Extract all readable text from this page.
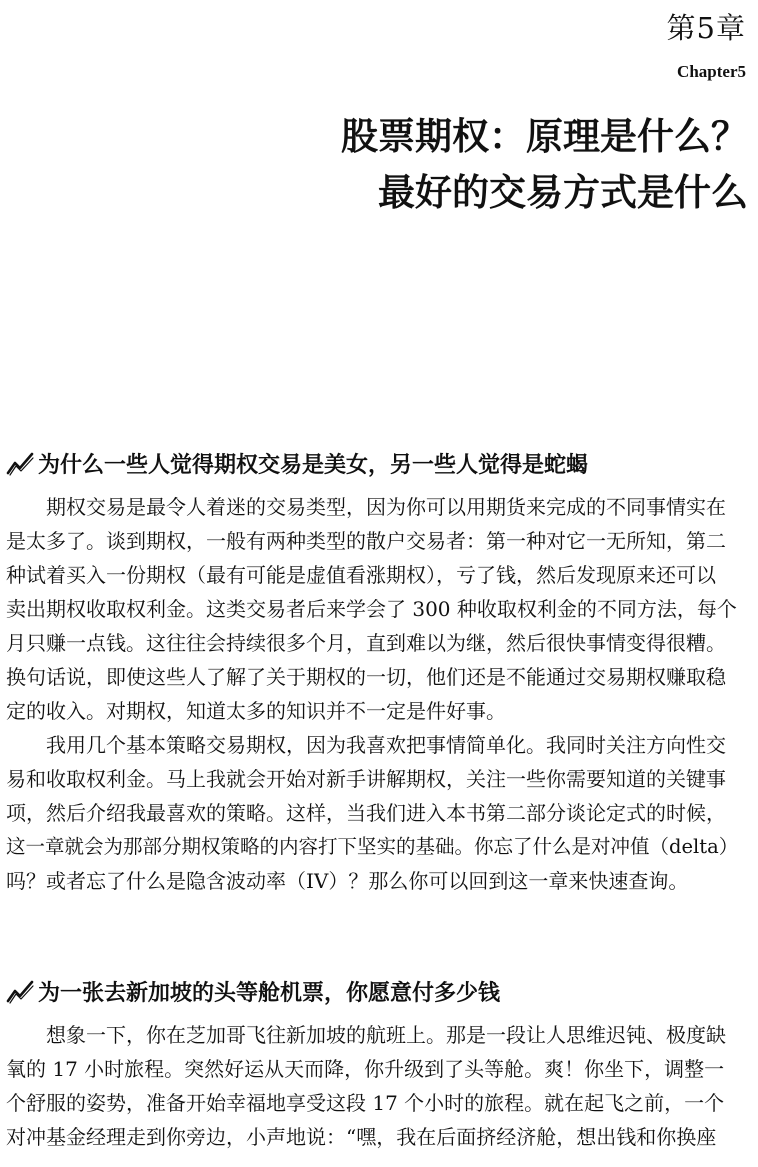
第5章
Chapter5
股票期权：原理是什么？
最好的交易方式是什么
为什么一些人觉得期权交易是美女，另一些人觉得是蛇蝎
期权交易是最令人着迷的交易类型，因为你可以用期货来完成的不同事情实在
是太多了。谈到期权，一般有两种类型的散户交易者：第一种对它一无所知，第二
种试着买入一份期权（最有可能是虚值看涨期权），亏了钱，然后发现原来还可以
卖出期权收取权利金。这类交易者后来学会了 300 种收取权利金的不同方法，每个
月只赚一点钱。这往往会持续很多个月，直到难以为继，然后很快事情变得很糟。
换句话说，即使这些人了解了关于期权的一切，他们还是不能通过交易期权赚取稳
定的收入。对期权，知道太多的知识并不一定是件好事。
我用几个基本策略交易期权，因为我喜欢把事情简单化。我同时关注方向性交
易和收取权利金。马上我就会开始对新手讲解期权，关注一些你需要知道的关键事
项，然后介绍我最喜欢的策略。这样，当我们进入本书第二部分谈论定式的时候，
这一章就会为那部分期权策略的内容打下坚实的基础。你忘了什么是对冲值（delta）
吗？或者忘了什么是隐含波动率（IV）？那么你可以回到这一章来快速查询。
为一张去新加坡的头等舱机票，你愿意付多少钱
想象一下，你在芝加哥飞往新加坡的航班上。那是一段让人思维迟钝、极度缺
氧的 17 小时旅程。突然好运从天而降，你升级到了头等舱。爽！你坐下，调整一
个舒服的姿势，准备开始幸福地享受这段 17 个小时的旅程。就在起飞之前，一个
对冲基金经理走到你旁边，小声地说：“嘿，我在后面挤经济舱，想出钱和你换座
